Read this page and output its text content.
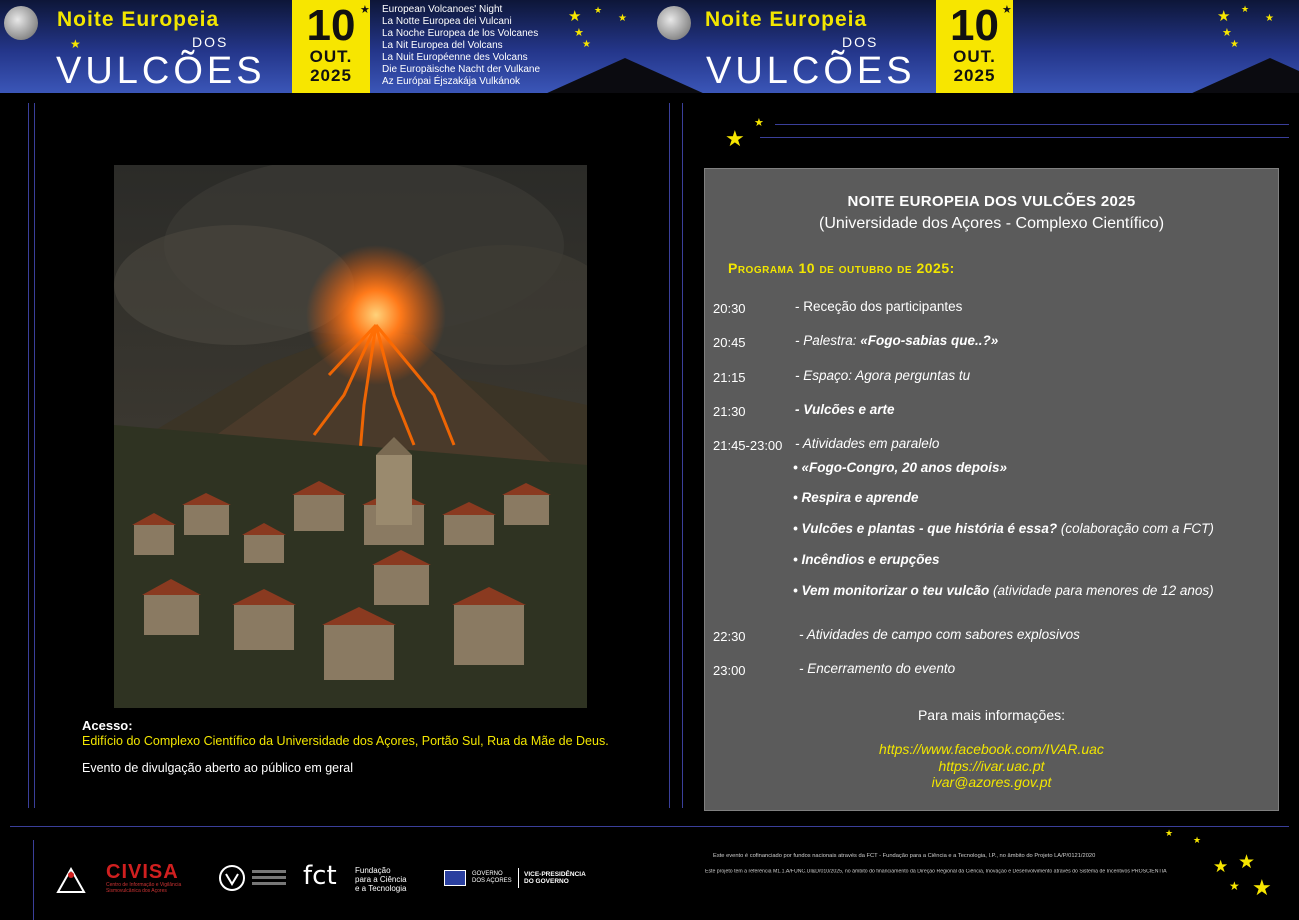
Noite Europeia
DOS
VULCÕES
★	10
OUT.
2025
★ European Volcanoes' Night
La Notte Europea dei Vulcani
La Noche Europea de los Volcanes
La Nit Europea del Volcans
La Nuit Européenne des Volcans
Die Europäische Nacht der Vulkane
Az Európai Éjszakája Vulkánok
★ ★
★
★
★
Noite Europeia
DOS
VULCÕES
10
OUT.
2025
★	★ ★
★
★
★
★
★
Acesso:
Edifício do Complexo Científico da Universidade dos Açores, Portão Sul, Rua da Mãe de Deus.
Evento de divulgação aberto ao público em geral
NOITE EUROPEIA DOS VULCÕES 2025
(Universidade dos Açores - Complexo Científico)
Programa 10 de outubro de 2025:
20:30	- Receção dos participantes
20:45	- Palestra: «Fogo-sabias que..?»
21:15	- Espaço: Agora perguntas tu
21:30	- Vulcões e arte
21:45-23:00 - Atividades em paralelo
• «Fogo-Congro, 20 anos depois»
• Respira e aprende
• Vulcões e plantas - que história é essa? (colaboração com a FCT)
• Incêndios e erupções
• Vem monitorizar o teu vulcão (atividade para menores de 12 anos)
22:30	- Atividades de campo com sabores explosivos
23:00	- Encerramento do evento
Para mais informações:
https://www.facebook.com/IVAR.uac
https://ivar.uac.pt
ivar@azores.gov.pt
CIVISA
Centro de Informação e Vigilância Sismovulcânica dos Açores	fct Fundação
para a Ciência
e a Tecnologia
GOVERNO
DOS AÇORES
VICE-PRESIDÊNCIA
DO GOVERNO
Este evento é cofinanciado por fundos nacionais através da FCT - Fundação para a Ciência e a Tecnologia, I.P., no âmbito do Projeto LA/P/0121/2020
Este projeto tem a referência M1.1.A/FUNC.UI&D/010/2025, no âmbito do financiamento da Direção Regional da Ciência, Inovação e Desenvolvimento através do Sistema de Incentivos PROSCIENTIA
★
★
★ ★
★ ★
